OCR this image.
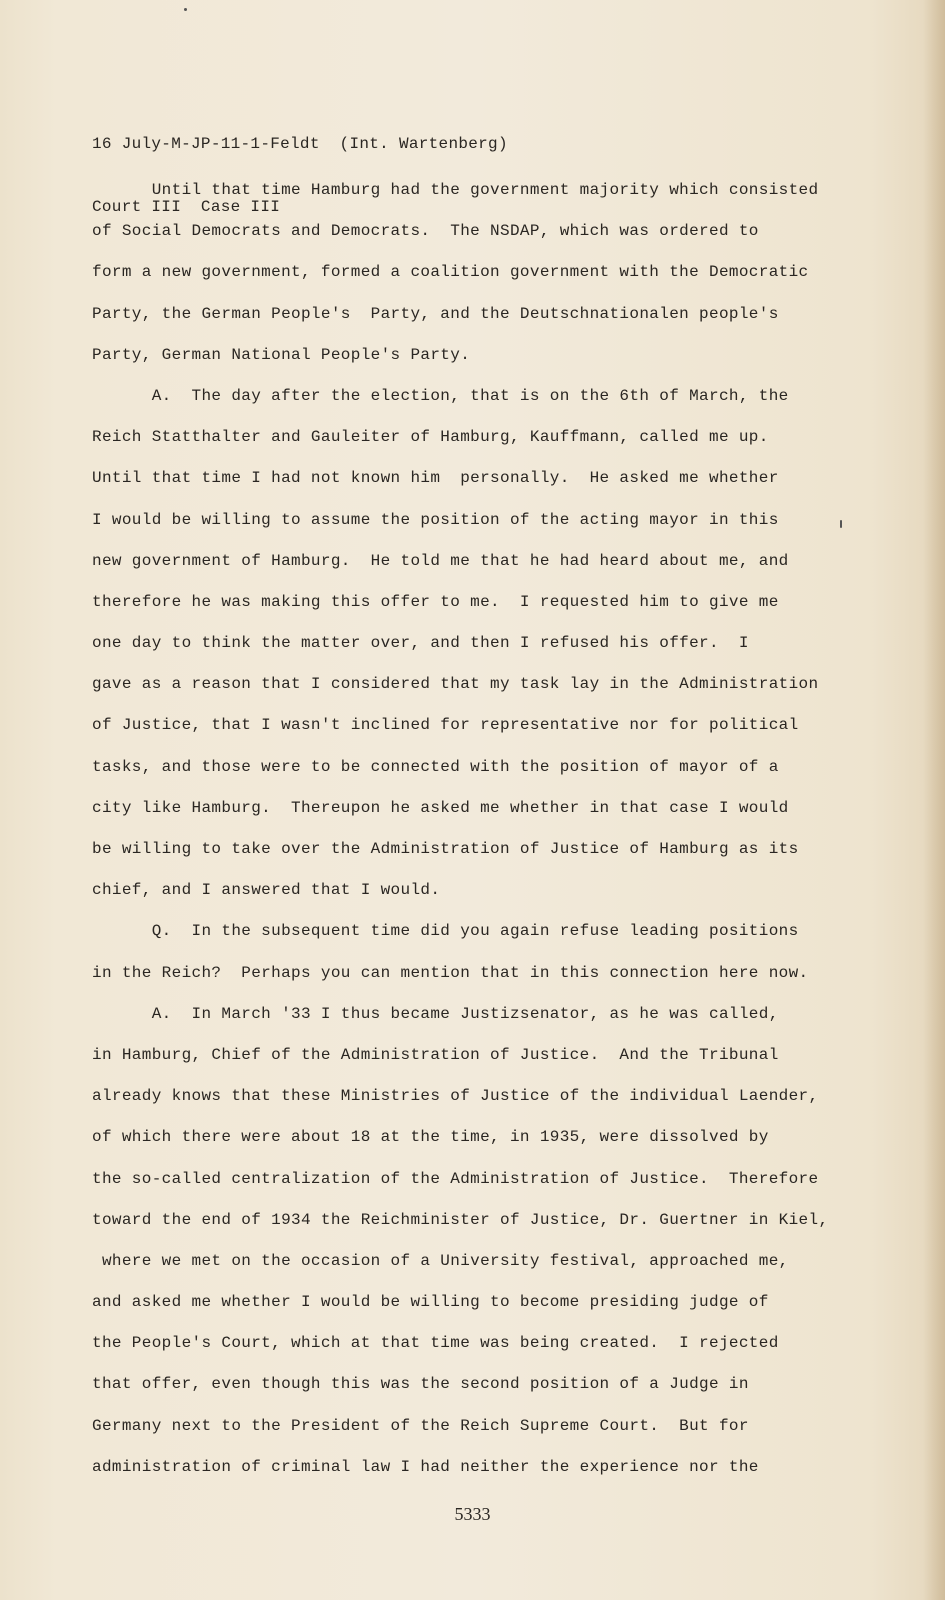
16 July-M-JP-11-1-Feldt  (Int. Wartenberg)

Court III  Case III

Until that time Hamburg had the government majority which consisted
of Social Democrats and Democrats.  The NSDAP, which was ordered to
form a new government, formed a coalition government with the Democratic
Party, the German People's  Party, and the Deutschnationalen people's
Party, German National People's Party.
A.  The day after the election, that is on the 6th of March, the
Reich Statthalter and Gauleiter of Hamburg, Kauffmann, called me up.
Until that time I had not known him  personally.  He asked me whether
I would be willing to assume the position of the acting mayor in this
new government of Hamburg.  He told me that he had heard about me, and
therefore he was making this offer to me.  I requested him to give me
one day to think the matter over, and then I refused his offer.  I
gave as a reason that I considered that my task lay in the Administration
of Justice, that I wasn't inclined for representative nor for political
tasks, and those were to be connected with the position of mayor of a
city like Hamburg.  Thereupon he asked me whether in that case I would
be willing to take over the Administration of Justice of Hamburg as its
chief, and I answered that I would.
Q.  In the subsequent time did you again refuse leading positions
in the Reich?  Perhaps you can mention that in this connection here now.
A.  In March '33 I thus became Justizsenator, as he was called,
in Hamburg, Chief of the Administration of Justice.  And the Tribunal
already knows that these Ministries of Justice of the individual Laender,
of which there were about 18 at the time, in 1935, were dissolved by
the so-called centralization of the Administration of Justice.  Therefore
toward the end of 1934 the Reichminister of Justice, Dr. Guertner in Kiel,
where we met on the occasion of a University festival, approached me,
and asked me whether I would be willing to become presiding judge of
the People's Court, which at that time was being created.  I rejected
that offer, even though this was the second position of a Judge in
Germany next to the President of the Reich Supreme Court.  But for
administration of criminal law I had neither the experience nor the
5333
